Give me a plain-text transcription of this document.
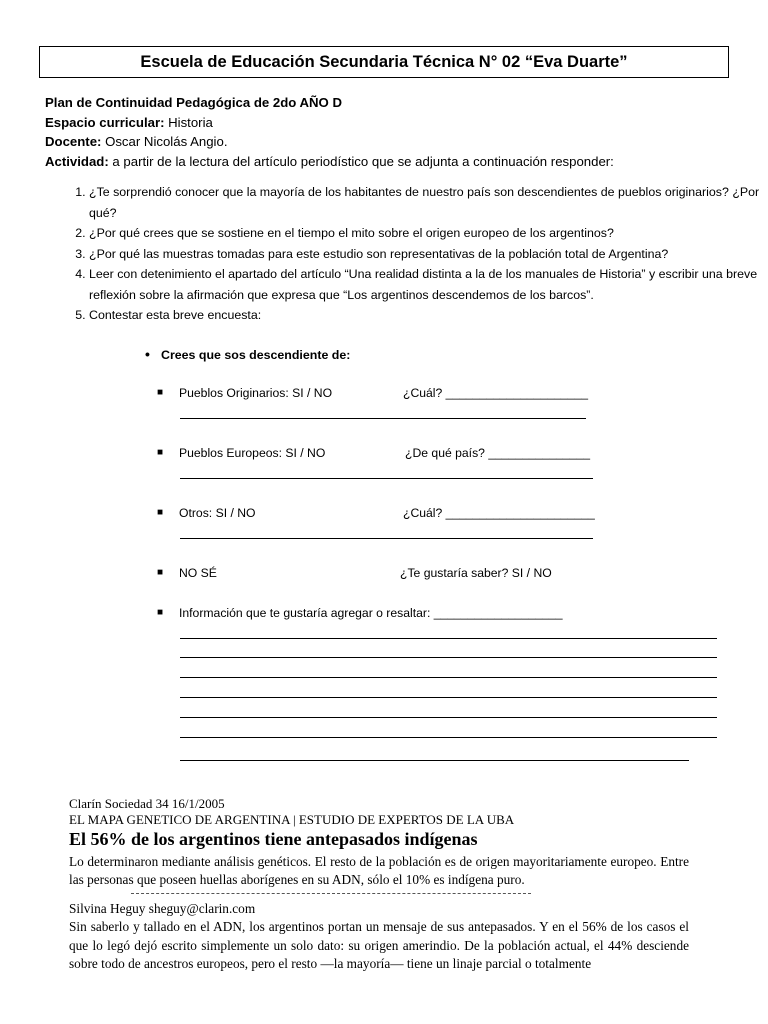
Escuela de Educación Secundaria Técnica N° 02 “Eva Duarte”
Plan de Continuidad Pedagógica de 2do AÑO D
Espacio curricular: Historia
Docente: Oscar Nicolás Angio.
Actividad: a partir de la lectura del artículo periodístico que se adjunta a continuación responder:
1. ¿Te sorprendió conocer que la mayoría de los habitantes de nuestro país son descendientes de pueblos originarios? ¿Por qué?
2. ¿Por qué crees que se sostiene en el tiempo el mito sobre el origen europeo de los argentinos?
3. ¿Por qué las muestras tomadas para este estudio son representativas de la población total de Argentina?
4. Leer con detenimiento el apartado del artículo “Una realidad distinta a la de los manuales de Historia” y escribir una breve reflexión sobre la afirmación que expresa que “Los argentinos descendemos de los barcos”.
5. Contestar esta breve encuesta:
• Crees que sos descendiente de:
■ Pueblos Originarios: SI / NO	¿Cuál? _____________________
■ Pueblos Europeos: SI / NO	¿De qué país? _______________
■ Otros: SI / NO	¿Cuál? ______________________
■ NO SÉ	¿Te gustaría saber? SI / NO
■ Información que te gustaría agregar o resaltar: ___________________
Clarín Sociedad 34 16/1/2005
EL MAPA GENETICO DE ARGENTINA | ESTUDIO DE EXPERTOS DE LA UBA
El 56% de los argentinos tiene antepasados indígenas
Lo determinaron mediante análisis genéticos. El resto de la población es de origen mayoritariamente europeo. Entre las personas que poseen huellas aborígenes en su ADN, sólo el 10% es indígena puro.
Silvina Heguy sheguy@clarin.com
Sin saberlo y tallado en el ADN, los argentinos portan un mensaje de sus antepasados. Y en el 56% de los casos el que lo legó dejó escrito simplemente un solo dato: su origen amerindio. De la población actual, el 44% desciende sobre todo de ancestros europeos, pero el resto —la mayoría— tiene un linaje parcial o totalmente
